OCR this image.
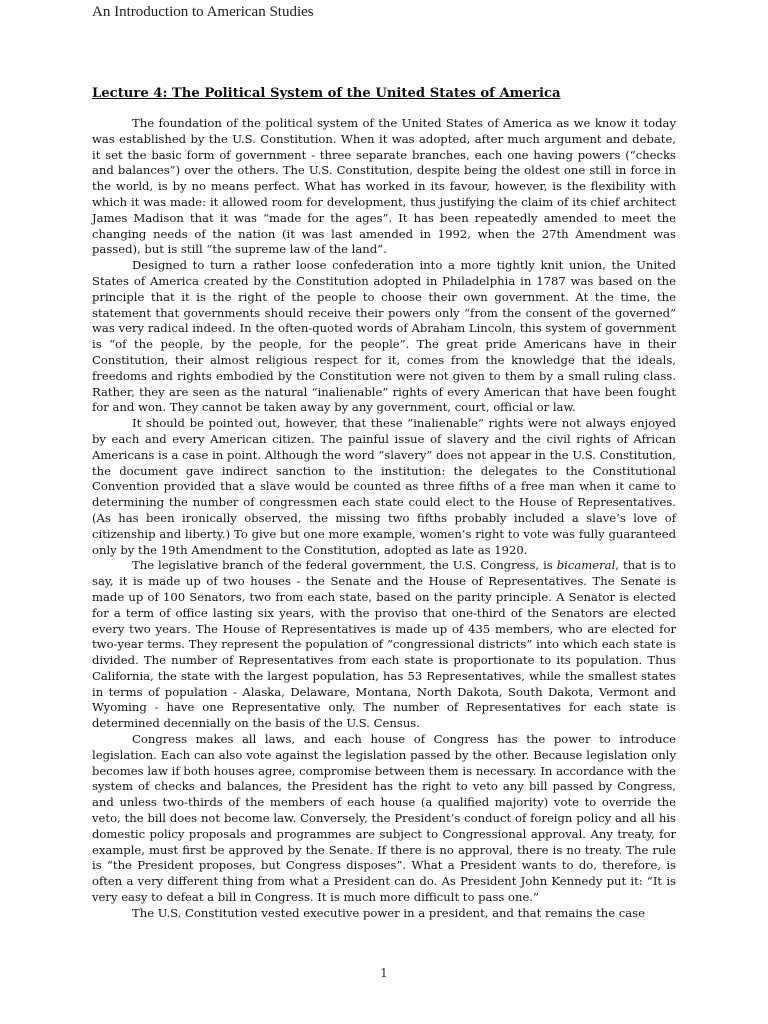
An Introduction to American Studies

Lecture 4: The Political System of the United States of America

The foundation of the political system of the United States of America as we know it today was established by the U.S. Constitution. When it was adopted, after much argument and debate, it set the basic form of government - three separate branches, each one having powers (“checks and balances”) over the others. The U.S. Constitution, despite being the oldest one still in force in the world, is by no means perfect. What has worked in its favour, however, is the flexibility with which it was made: it allowed room for development, thus justifying the claim of its chief architect James Madison that it was “made for the ages”. It has been repeatedly amended to meet the changing needs of the nation (it was last amended in 1992, when the 27th Amendment was passed), but is still “the supreme law of the land”.

Designed to turn a rather loose confederation into a more tightly knit union, the United States of America created by the Constitution adopted in Philadelphia in 1787 was based on the principle that it is the right of the people to choose their own government. At the time, the statement that governments should receive their powers only “from the consent of the governed” was very radical indeed. In the often-quoted words of Abraham Lincoln, this system of government is “of the people, by the people, for the people”. The great pride Americans have in their Constitution, their almost religious respect for it, comes from the knowledge that the ideals, freedoms and rights embodied by the Constitution were not given to them by a small ruling class. Rather, they are seen as the natural “inalienable” rights of every American that have been fought for and won. They cannot be taken away by any government, court, official or law.

It should be pointed out, however, that these “inalienable” rights were not always enjoyed by each and every American citizen. The painful issue of slavery and the civil rights of African Americans is a case in point. Although the word “slavery” does not appear in the U.S. Constitution, the document gave indirect sanction to the institution: the delegates to the Constitutional Convention provided that a slave would be counted as three fifths of a free man when it came to determining the number of congressmen each state could elect to the House of Representatives. (As has been ironically observed, the missing two fifths probably included a slave’s love of citizenship and liberty.) To give but one more example, women’s right to vote was fully guaranteed only by the 19th Amendment to the Constitution, adopted as late as 1920.

The legislative branch of the federal government, the U.S. Congress, is bicameral, that is to say, it is made up of two houses - the Senate and the House of Representatives. The Senate is made up of 100 Senators, two from each state, based on the parity principle. A Senator is elected for a term of office lasting six years, with the proviso that one-third of the Senators are elected every two years. The House of Representatives is made up of 435 members, who are elected for two-year terms. They represent the population of “congressional districts” into which each state is divided. The number of Representatives from each state is proportionate to its population. Thus California, the state with the largest population, has 53 Representatives, while the smallest states in terms of population - Alaska, Delaware, Montana, North Dakota, South Dakota, Vermont and Wyoming - have one Representative only. The number of Representatives for each state is determined decennially on the basis of the U.S. Census.

Congress makes all laws, and each house of Congress has the power to introduce legislation. Each can also vote against the legislation passed by the other. Because legislation only becomes law if both houses agree, compromise between them is necessary. In accordance with the system of checks and balances, the President has the right to veto any bill passed by Congress, and unless two-thirds of the members of each house (a qualified majority) vote to override the veto, the bill does not become law. Conversely, the President’s conduct of foreign policy and all his domestic policy proposals and programmes are subject to Congressional approval. Any treaty, for example, must first be approved by the Senate. If there is no approval, there is no treaty. The rule is “the President proposes, but Congress disposes”. What a President wants to do, therefore, is often a very different thing from what a President can do. As President John Kennedy put it: “It is very easy to defeat a bill in Congress. It is much more difficult to pass one.”

The U.S. Constitution vested executive power in a president, and that remains the case

1
